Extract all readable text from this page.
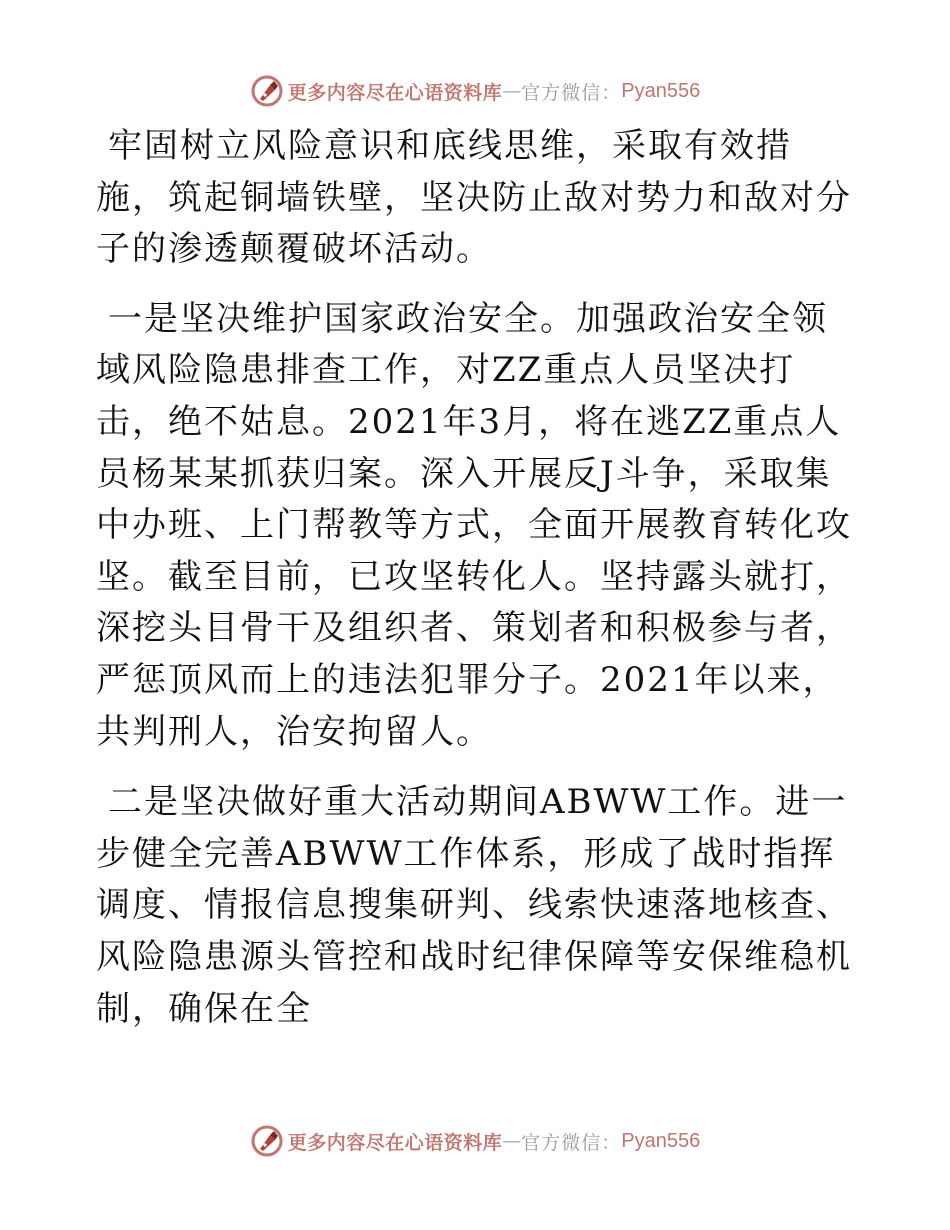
更多内容尽在心语资料库 — 官方微信： Pyan556

牢固树立风险意识和底线思维，采取有效措施，筑起铜墙铁壁，坚决防止敌对势力和敌对分子的渗透颠覆破坏活动。

一是坚决维护国家政治安全。加强政治安全领域风险隐患排查工作，对ZZ重点人员坚决打击，绝不姑息。2021年3月，将在逃ZZ重点人员杨某某抓获归案。深入开展反J斗争，采取集中办班、上门帮教等方式，全面开展教育转化攻坚。截至目前，已攻坚转化人。坚持露头就打，深挖头目骨干及组织者、策划者和积极参与者，严惩顶风而上的违法犯罪分子。2021年以来，共判刑人，治安拘留人。

二是坚决做好重大活动期间ABWW工作。进一步健全完善ABWW工作体系，形成了战时指挥调度、情报信息搜集研判、线索快速落地核查、风险隐患源头管控和战时纪律保障等安保维稳机制，确保在全

更多内容尽在心语资料库 — 官方微信： Pyan556
